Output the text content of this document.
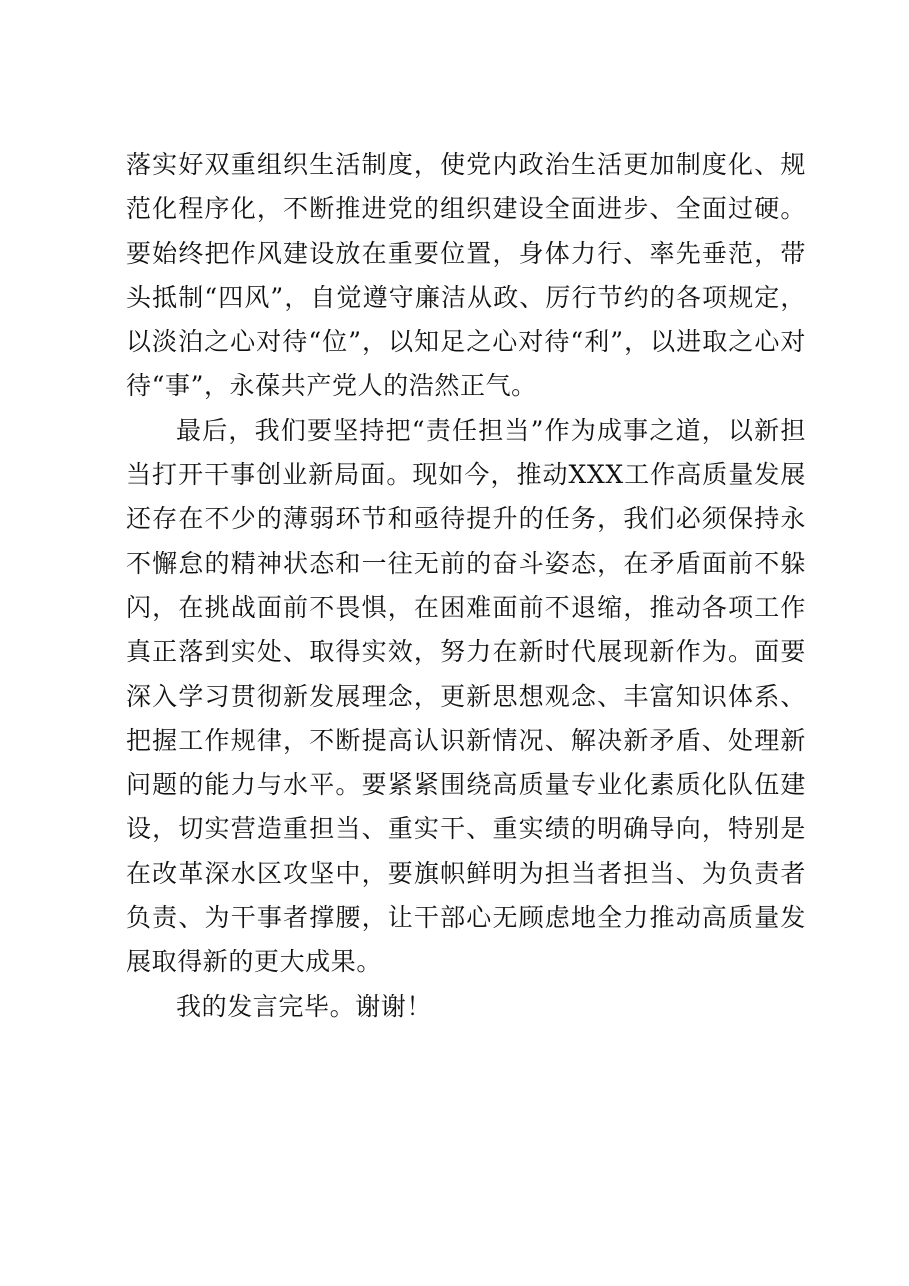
落实好双重组织生活制度，使党内政治生活更加制度化、规范化程序化，不断推进党的组织建设全面进步、全面过硬。要始终把作风建设放在重要位置，身体力行、率先垂范，带头抵制“四风”，自觉遵守廉洁从政、厉行节约的各项规定，以淡泊之心对待“位”，以知足之心对待“利”，以进取之心对待“事”，永葆共产党人的浩然正气。

最后，我们要坚持把“责任担当”作为成事之道，以新担当打开干事创业新局面。现如今，推动XXX工作高质量发展还存在不少的薄弱环节和亟待提升的任务，我们必须保持永不懈怠的精神状态和一往无前的奋斗姿态，在矛盾面前不躲闪，在挑战面前不畏惧，在困难面前不退缩，推动各项工作真正落到实处、取得实效，努力在新时代展现新作为。面要深入学习贯彻新发展理念，更新思想观念、丰富知识体系、把握工作规律，不断提高认识新情况、解决新矛盾、处理新问题的能力与水平。要紧紧围绕高质量专业化素质化队伍建设，切实营造重担当、重实干、重实绩的明确导向，特别是在改革深水区攻坚中，要旗帜鲜明为担当者担当、为负责者负责、为干事者撑腰，让干部心无顾虑地全力推动高质量发展取得新的更大成果。

我的发言完毕。谢谢！
